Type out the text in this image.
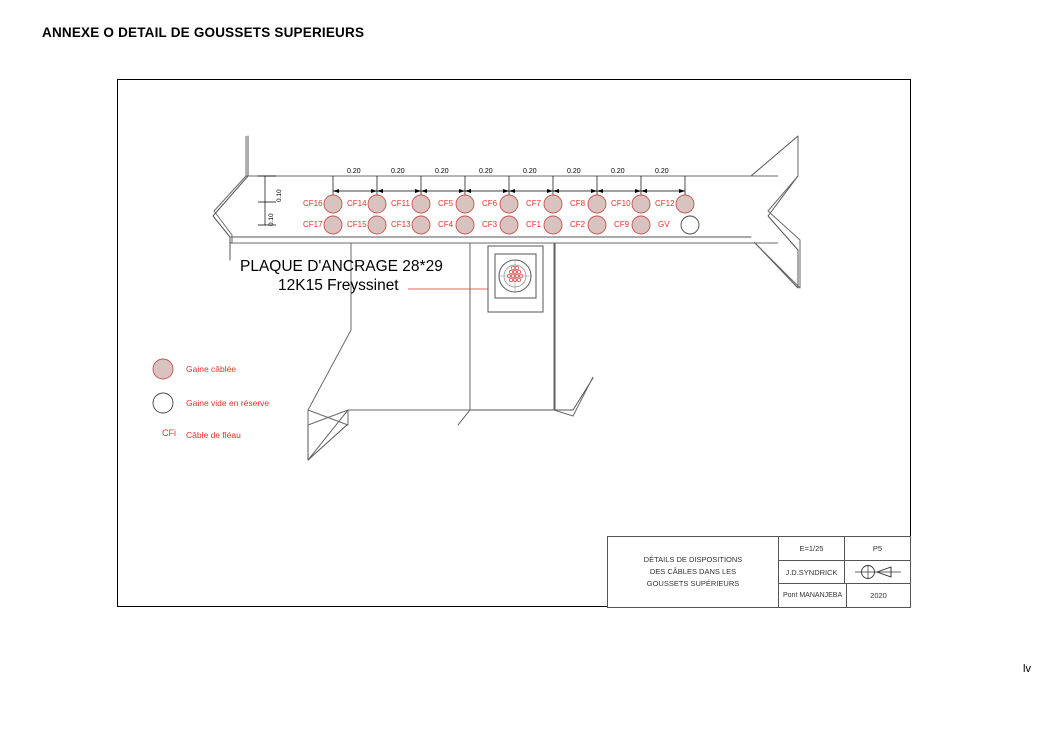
ANNEXE O DETAIL DE GOUSSETS SUPERIEURS
0.20	0.20	0.20	0.20	0.20	0.20	0.20	0.20
0.10
0.10
CF16	CF14	CF11	CF5	CF6	CF7	CF8	CF10	CF12
CF17	CF15	CF13	CF4	CF3	CF1	CF2	CF9	GV
PLAQUE D'ANCRAGE 28*29
12K15 Freyssinet
Gaine câblée
Gaine vide en réserve
CFi Câble de fléau
DÉTAILS DE DISPOSITIONS
DES CÂBLES DANS LES
GOUSSETS SUPÉRIEURS
E=1/25	P5
J.D.SYNDRICK
Pont MANANJEBA	2020
lv
